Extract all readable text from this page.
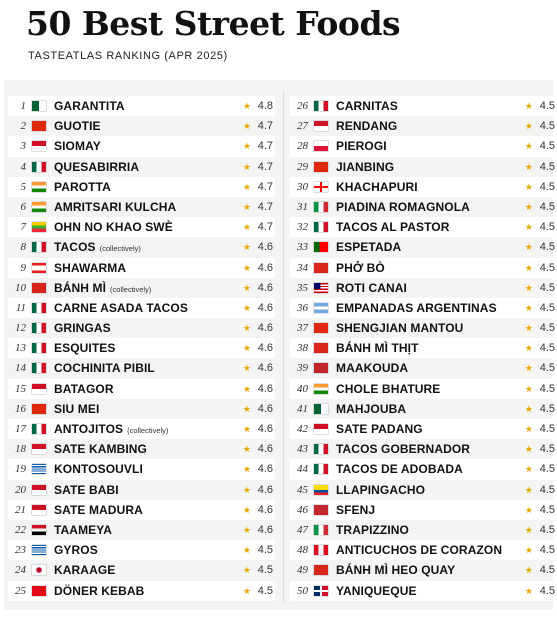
50 Best Street Foods
TASTEATLAS RANKING (APR 2025)
1 GARANTITA	★ 4.8
2 GUOTIE	★ 4.7
3 SIOMAY	★ 4.7
4 QUESABIRRIA	★ 4.7
5 PAROTTA	★ 4.7
6 AMRITSARI KULCHA	★ 4.7
7 OHN NO KHAO SWÈ	★ 4.7
8 TACOS (collectively)	★ 4.6
9 SHAWARMA	★ 4.6
10 BÁNH MÌ (collectively)	★ 4.6
11 CARNE ASADA TACOS	★ 4.6
12 GRINGAS	★ 4.6
13 ESQUITES	★ 4.6
14 COCHINITA PIBIL	★ 4.6
15 BATAGOR	★ 4.6
16 SIU MEI	★ 4.6
17 ANTOJITOS (collectively)	★ 4.6
18 SATE KAMBING	★ 4.6
19 KONTOSOUVLI	★ 4.6
20 SATE BABI	★ 4.6
21 SATE MADURA	★ 4.6
22 TAAMEYA	★ 4.6
23 GYROS	★ 4.5
24 KARAAGE	★ 4.5
25 DÖNER KEBAB	★ 4.5
26 CARNITAS	★ 4.5
27 RENDANG	★ 4.5
28 PIEROGI	★ 4.5
29 JIANBING	★ 4.5
30 KHACHAPURI	★ 4.5
31 PIADINA ROMAGNOLA	★ 4.5
32 TACOS AL PASTOR	★ 4.5
33 ESPETADA	★ 4.5
34 PHỞ BÒ	★ 4.5
35 ROTI CANAI	★ 4.5
36 EMPANADAS ARGENTINAS	★ 4.5
37 SHENGJIAN MANTOU	★ 4.5
38 BÁNH MÌ THỊT	★ 4.5
39 MAAKOUDA	★ 4.5
40 CHOLE BHATURE	★ 4.5
41 MAHJOUBA	★ 4.5
42 SATE PADANG	★ 4.5
43 TACOS GOBERNADOR	★ 4.5
44 TACOS DE ADOBADA	★ 4.5
45 LLAPINGACHO	★ 4.5
46 SFENJ	★ 4.5
47 TRAPIZZINO	★ 4.5
48 ANTICUCHOS DE CORAZON	★ 4.5
49 BÁNH MÌ HEO QUAY	★ 4.5
50 YANIQUEQUE	★ 4.5
